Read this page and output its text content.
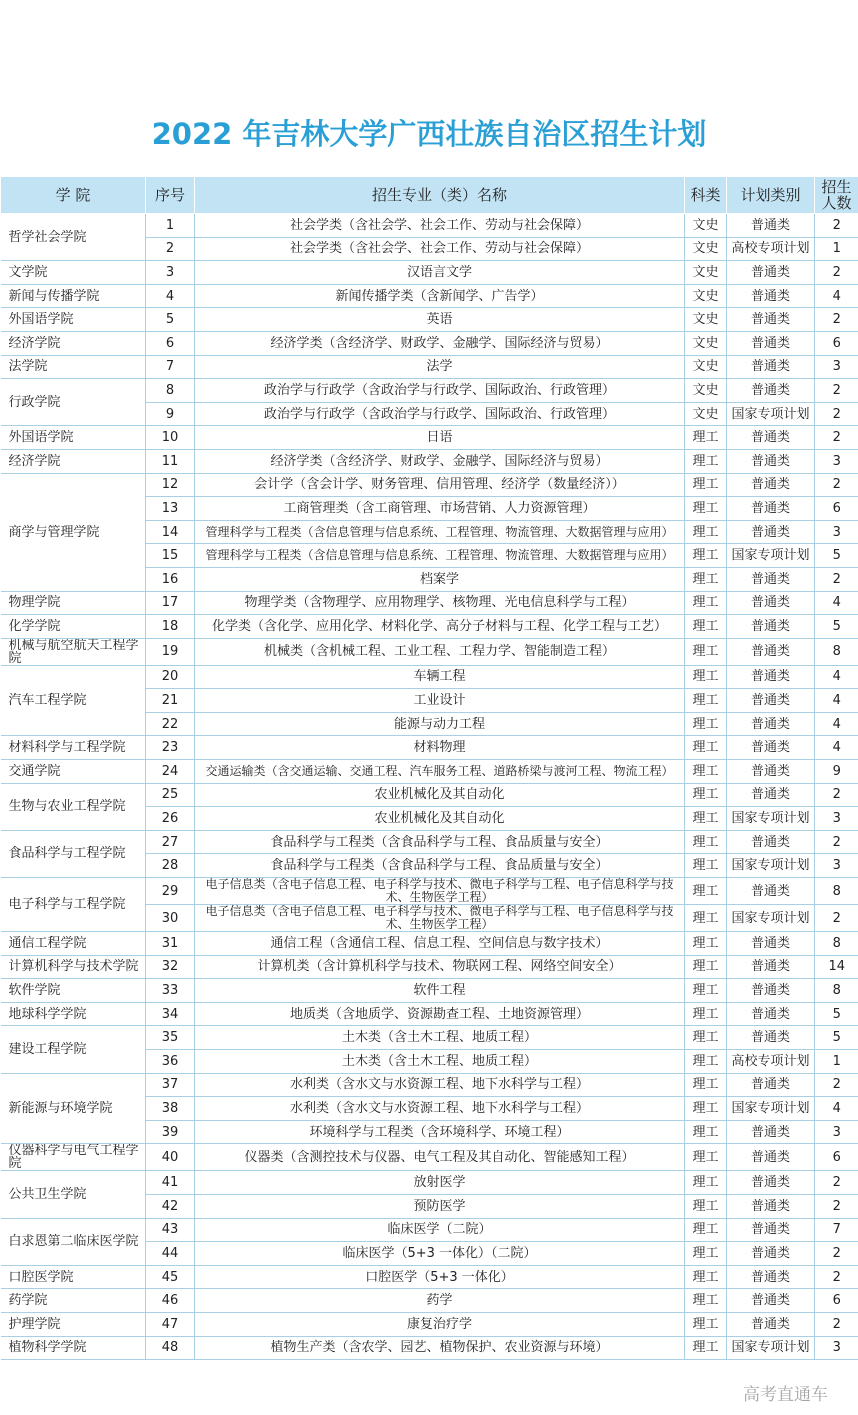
2022 年吉林大学广西壮族自治区招生计划
学 院	序号	招生专业（类）名称	科类	计划类别	招生人数
哲学社会学院	1	社会学类（含社会学、社会工作、劳动与社会保障）	文史	普通类	2
	2	社会学类（含社会学、社会工作、劳动与社会保障）	文史	高校专项计划	1
文学院	3	汉语言文学	文史	普通类	2
新闻与传播学院	4	新闻传播学类（含新闻学、广告学）	文史	普通类	4
外国语学院	5	英语	文史	普通类	2
经济学院	6	经济学类（含经济学、财政学、金融学、国际经济与贸易）	文史	普通类	6
法学院	7	法学	文史	普通类	3
行政学院	8	政治学与行政学（含政治学与行政学、国际政治、行政管理）	文史	普通类	2
	9	政治学与行政学（含政治学与行政学、国际政治、行政管理）	文史	国家专项计划	2
外国语学院	10	日语	理工	普通类	2
经济学院	11	经济学类（含经济学、财政学、金融学、国际经济与贸易）	理工	普通类	3
商学与管理学院	12	会计学（含会计学、财务管理、信用管理、经济学（数量经济））	理工	普通类	2
	13	工商管理类（含工商管理、市场营销、人力资源管理）	理工	普通类	6
	14	管理科学与工程类（含信息管理与信息系统、工程管理、物流管理、大数据管理与应用）	理工	普通类	3
	15	管理科学与工程类（含信息管理与信息系统、工程管理、物流管理、大数据管理与应用）	理工	国家专项计划	5
	16	档案学	理工	普通类	2
物理学院	17	物理学类（含物理学、应用物理学、核物理、光电信息科学与工程）	理工	普通类	4
化学学院	18	化学类（含化学、应用化学、材料化学、高分子材料与工程、化学工程与工艺）	理工	普通类	5
机械与航空航天工程学院	19	机械类（含机械工程、工业工程、工程力学、智能制造工程）	理工	普通类	8
汽车工程学院	20	车辆工程	理工	普通类	4
	21	工业设计	理工	普通类	4
	22	能源与动力工程	理工	普通类	4
材料科学与工程学院	23	材料物理	理工	普通类	4
交通学院	24	交通运输类（含交通运输、交通工程、汽车服务工程、道路桥梁与渡河工程、物流工程）	理工	普通类	9
生物与农业工程学院	25	农业机械化及其自动化	理工	普通类	2
	26	农业机械化及其自动化	理工	国家专项计划	3
食品科学与工程学院	27	食品科学与工程类（含食品科学与工程、食品质量与安全）	理工	普通类	2
	28	食品科学与工程类（含食品科学与工程、食品质量与安全）	理工	国家专项计划	3
电子科学与工程学院	29	电子信息类（含电子信息工程、电子科学与技术、微电子科学与工程、电子信息科学与技术、生物医学工程）	理工	普通类	8
	30	电子信息类（含电子信息工程、电子科学与技术、微电子科学与工程、电子信息科学与技术、生物医学工程）	理工	国家专项计划	2
通信工程学院	31	通信工程（含通信工程、信息工程、空间信息与数字技术）	理工	普通类	8
计算机科学与技术学院	32	计算机类（含计算机科学与技术、物联网工程、网络空间安全）	理工	普通类	14
软件学院	33	软件工程	理工	普通类	8
地球科学学院	34	地质类（含地质学、资源勘查工程、土地资源管理）	理工	普通类	5
建设工程学院	35	土木类（含土木工程、地质工程）	理工	普通类	5
	36	土木类（含土木工程、地质工程）	理工	高校专项计划	1
新能源与环境学院	37	水利类（含水文与水资源工程、地下水科学与工程）	理工	普通类	2
	38	水利类（含水文与水资源工程、地下水科学与工程）	理工	国家专项计划	4
	39	环境科学与工程类（含环境科学、环境工程）	理工	普通类	3
仪器科学与电气工程学院	40	仪器类（含测控技术与仪器、电气工程及其自动化、智能感知工程）	理工	普通类	6
公共卫生学院	41	放射医学	理工	普通类	2
	42	预防医学	理工	普通类	2
白求恩第二临床医学院	43	临床医学（二院）	理工	普通类	7
	44	临床医学（5+3 一体化）（二院）	理工	普通类	2
口腔医学院	45	口腔医学（5+3 一体化）	理工	普通类	2
药学院	46	药学	理工	普通类	6
护理学院	47	康复治疗学	理工	普通类	2
植物科学学院	48	植物生产类（含农学、园艺、植物保护、农业资源与环境）	理工	国家专项计划	3
高考直通车
